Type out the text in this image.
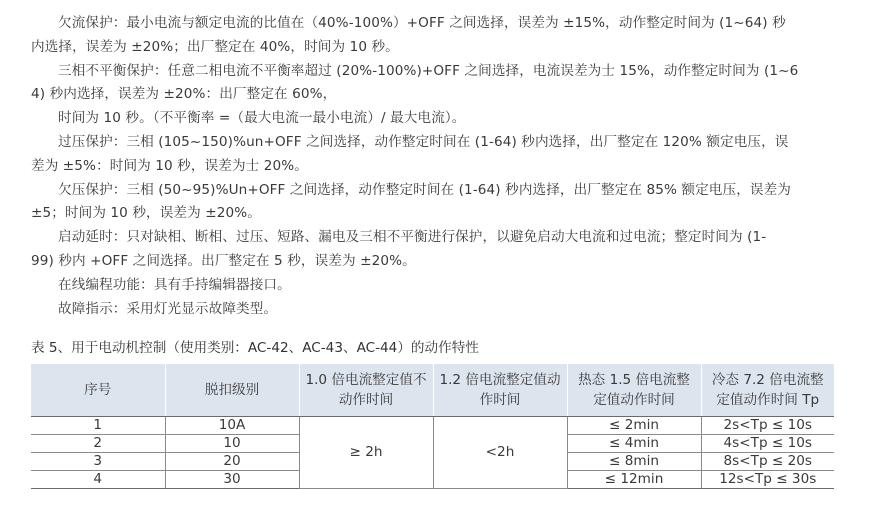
欠流保护：最小电流与额定电流的比值在（40%-100%）+OFF 之间选择，误差为 ±15%，动作整定时间为 (1~64) 秒
内选择，误差为 ±20%；出厂整定在 40%，时间为 10 秒。

三相不平衡保护：任意二相电流不平衡率超过 (20%-100%)+OFF 之间选择，电流误差为士 15%，动作整定时间为 (1~6
4) 秒内选择，误差为 ±20%：出厂整定在 60%，
时间为 10 秒。（不平衡率 =（最大电流一最小电流）/ 最大电流）。

过压保护：三相 (105~150)%un+OFF 之间选择，动作整定时间在 (1-64) 秒内选择，出厂整定在 120% 额定电压，误
差为 ±5%：时间为 10 秒，误差为士 20%。

欠压保护：三相 (50~95)%Un+OFF 之间选择，动作整定时间在 (1-64) 秒内选择，出厂整定在 85% 额定电压，误差为
±5；时间为 10 秒，误差为 ±20%。

启动延时：只对缺相、断相、过压、短路、漏电及三相不平衡进行保护，以避免启动大电流和过电流；整定时间为 (1-
99) 秒内 +OFF 之间选择。出厂整定在 5 秒，误差为 ±20%。

在线编程功能：具有手持编辑器接口。

故障指示：采用灯光显示故障类型。

表 5、用于电动机控制（使用类别：AC-42、AC-43、AC-44）的动作特性
序号	脱扣级别	1.0 倍电流整定值不动作时间	1.2 倍电流整定值动作时间	热态 1.5 倍电流整定值动作时间	冷态 7.2 倍电流整定值动作时间 Tp
1	10A	≥ 2h	<2h	≤ 2min	2s<Tp ≤ 10s
2	10			≤ 4min	4s<Tp ≤ 10s
3	20			≤ 8min	8s<Tp ≤ 20s
4	30			≤ 12min	12s<Tp ≤ 30s
